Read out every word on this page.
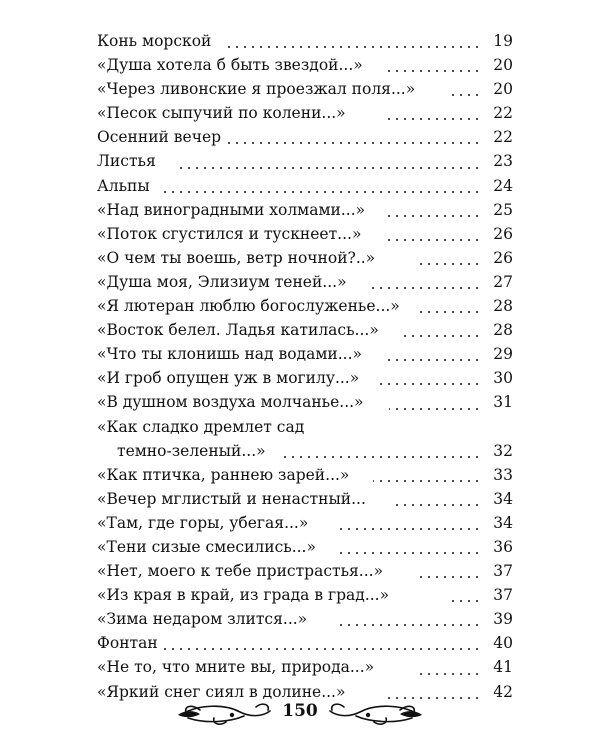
Конь морской	19
«Душа хотела б быть звездой...»	20
«Через ливонские я проезжал поля...»	20
«Песок сыпучий по колени...»	22
Осенний вечер	22
Листья	23
Альпы	24
«Над виноградными холмами...»	25
«Поток сгустился и тускнеет...»	26
«О чем ты воешь, ветр ночной?..»	26
«Душа моя, Элизиум теней...»	27
«Я лютеран люблю богослуженье...»	28
«Восток белел. Ладья катилась...»	28
«Что ты клонишь над водами...»	29
«И гроб опущен уж в могилу...»	30
«В душном воздуха молчанье...»	31
«Как сладко дремлет сад
темно-зеленый...»	32
«Как птичка, раннею зарей...»	33
«Вечер мглистый и ненастный...	34
«Там, где горы, убегая...»	34
«Тени сизые смесились...»	36
«Нет, моего к тебе пристрастья...»	37
«Из края в край, из града в град...»	37
«Зима недаром злится...»	39
Фонтан	40
«Не то, что мните вы, природа...»	41
«Яркий снег сиял в долине...»	42
150
